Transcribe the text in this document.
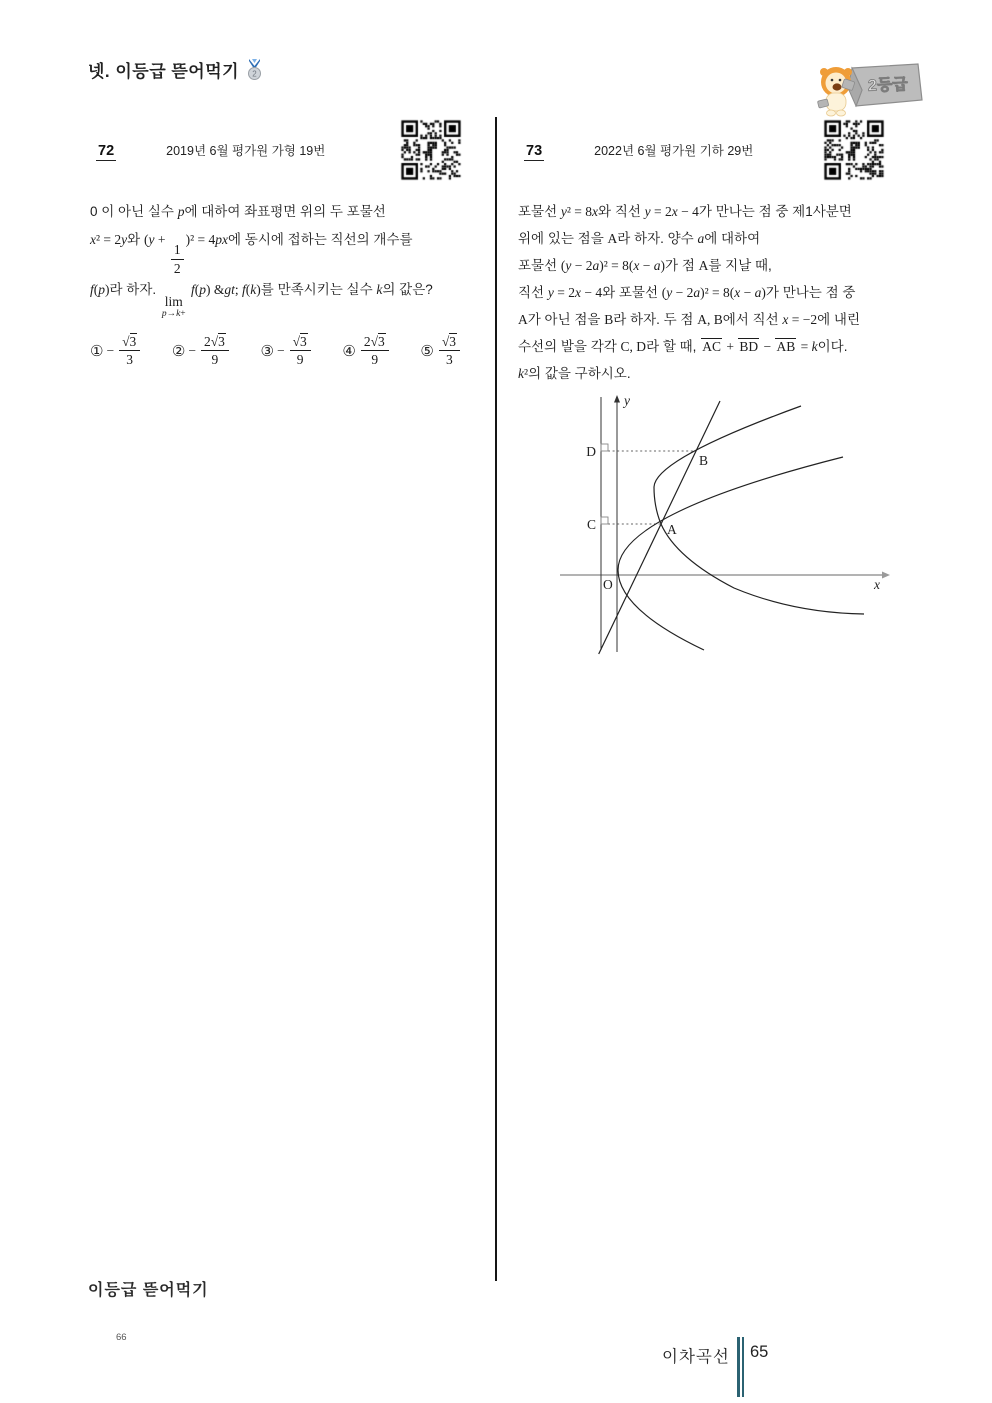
넷. 이등급 뜯어먹기 2
2등급
72	2019년 6월 평가원 가형 19번
0 이 아닌 실수 p에 대하여 좌표평면 위의 두 포물선
x² = 2y와 (y +
$\frac{1}{2}$
)² = 4px에 동시에 접하는 직선의 개수를
f(p)라 하자.
lim
p→k+
f(p) &gt; f(k)를 만족시키는 실수 k의 값은?
① − $\frac{√3}{3}$ ② − $\frac{2√3}{9}$ ③ − $\frac{√3}{9}$ ④
2√3
9	⑤
√3
3
73	2022년 6월 평가원 기하 29번
포물선 y² = 8x와 직선 y = 2x − 4가 만나는 점 중 제1사분면
위에 있는 점을 A라 하자. 양수 a에 대하여
포물선 (y − 2a)² = 8(x − a)가 점 A를 지날 때,
직선 y = 2x − 4와 포물선 (y − 2a)² = 8(x − a)가 만나는 점 중
A가 아닌 점을 B라 하자. 두 점 A, B에서 직선 x = −2에 내린
수선의 발을 각각 C, D라 할 때, AC + BD − AB = k이다.
k²의 값을 구하시오.
y
x
O
A
B
C
D
이등급 뜯어먹기
66
이차곡선 65
